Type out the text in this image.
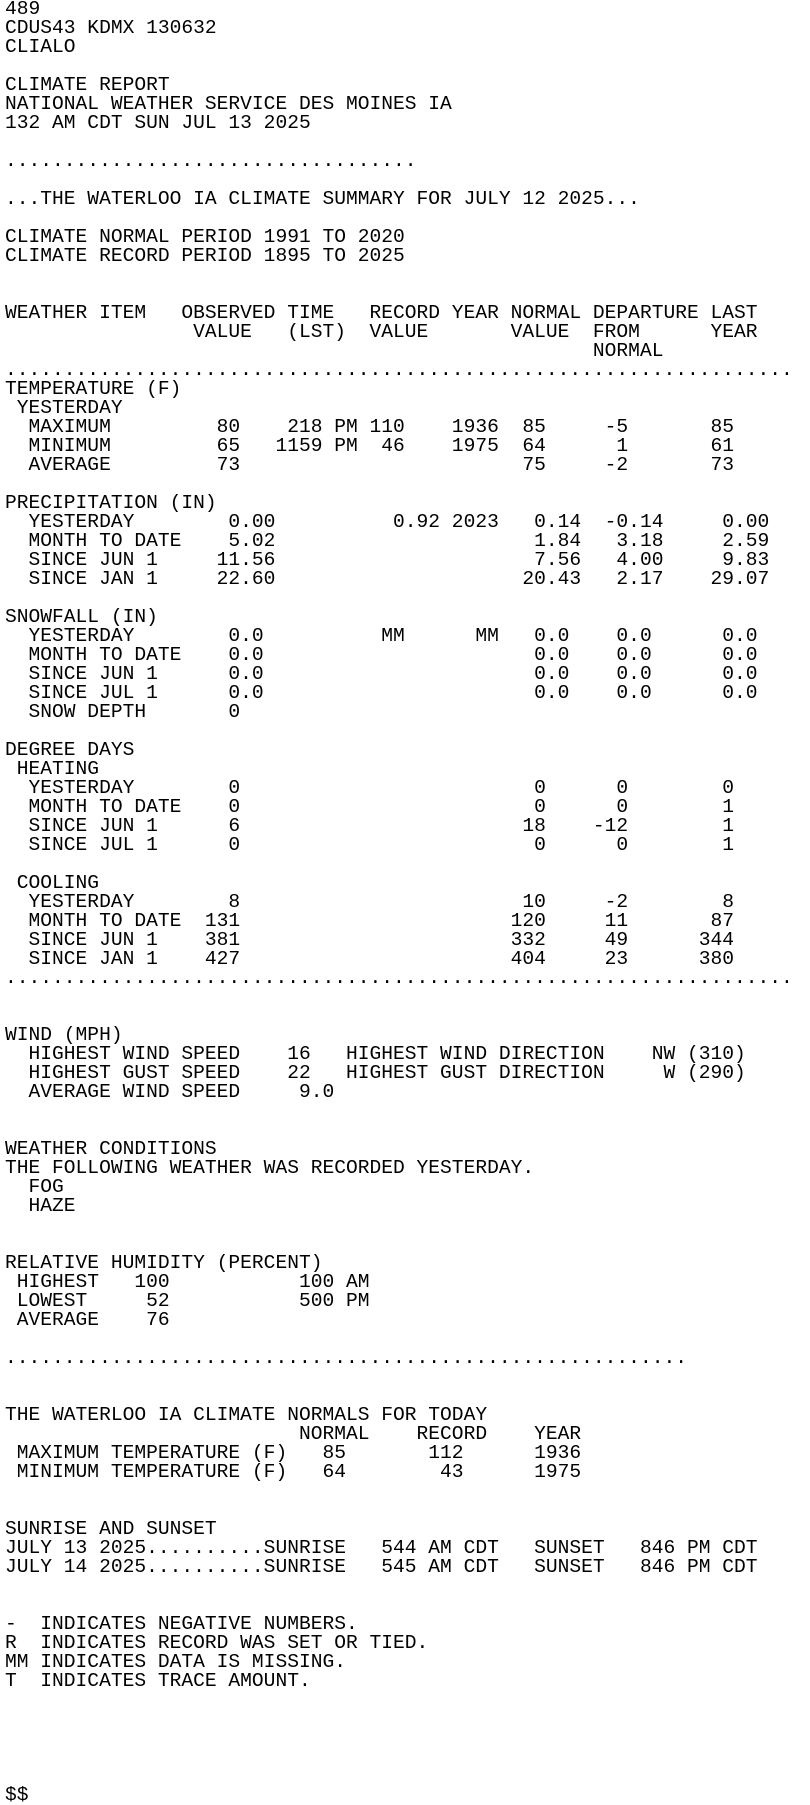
489
CDUS43 KDMX 130632
CLIALO

CLIMATE REPORT
NATIONAL WEATHER SERVICE DES MOINES IA
132 AM CDT SUN JUL 13 2025

...................................

...THE WATERLOO IA CLIMATE SUMMARY FOR JULY 12 2025...

CLIMATE NORMAL PERIOD 1991 TO 2020
CLIMATE RECORD PERIOD 1895 TO 2025

WEATHER ITEM   OBSERVED TIME   RECORD YEAR NORMAL DEPARTURE LAST
VALUE   (LST)  VALUE       VALUE  FROM      YEAR
NORMAL
...................................................................
TEMPERATURE (F)
YESTERDAY
MAXIMUM         80    218 PM 110    1936  85     -5       85
MINIMUM         65   1159 PM  46    1975  64      1       61
AVERAGE         73                        75     -2       73

PRECIPITATION (IN)
YESTERDAY        0.00          0.92 2023   0.14  -0.14     0.00
MONTH TO DATE    5.02                      1.84   3.18     2.59
SINCE JUN 1     11.56                      7.56   4.00     9.83
SINCE JAN 1     22.60                     20.43   2.17    29.07

SNOWFALL (IN)
YESTERDAY        0.0          MM      MM   0.0    0.0      0.0
MONTH TO DATE    0.0                       0.0    0.0      0.0
SINCE JUN 1      0.0                       0.0    0.0      0.0
SINCE JUL 1      0.0                       0.0    0.0      0.0
SNOW DEPTH       0

DEGREE DAYS
HEATING
YESTERDAY        0                         0      0        0
MONTH TO DATE    0                         0      0        1
SINCE JUN 1      6                        18    -12        1
SINCE JUL 1      0                         0      0        1

COOLING
YESTERDAY        8                        10     -2        8
MONTH TO DATE  131                       120     11       87
SINCE JUN 1    381                       332     49      344
SINCE JAN 1    427                       404     23      380
...................................................................

WIND (MPH)
HIGHEST WIND SPEED    16   HIGHEST WIND DIRECTION    NW (310)
HIGHEST GUST SPEED    22   HIGHEST GUST DIRECTION     W (290)
AVERAGE WIND SPEED     9.0

WEATHER CONDITIONS
THE FOLLOWING WEATHER WAS RECORDED YESTERDAY.
FOG
HAZE

RELATIVE HUMIDITY (PERCENT)
HIGHEST   100           100 AM
LOWEST     52           500 PM
AVERAGE    76

..........................................................

THE WATERLOO IA CLIMATE NORMALS FOR TODAY
NORMAL    RECORD    YEAR
MAXIMUM TEMPERATURE (F)   85       112      1936
MINIMUM TEMPERATURE (F)   64        43      1975

SUNRISE AND SUNSET
JULY 13 2025..........SUNRISE   544 AM CDT   SUNSET   846 PM CDT
JULY 14 2025..........SUNRISE   545 AM CDT   SUNSET   846 PM CDT

-  INDICATES NEGATIVE NUMBERS.
R  INDICATES RECORD WAS SET OR TIED.
MM INDICATES DATA IS MISSING.
T  INDICATES TRACE AMOUNT.

$$
